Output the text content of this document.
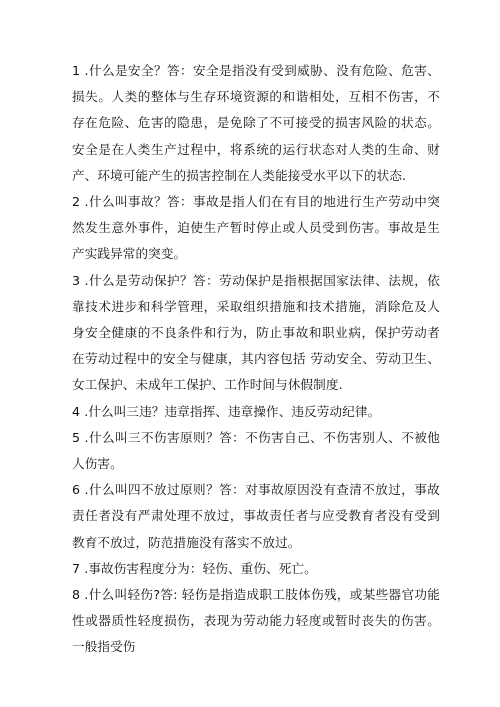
1 .什么是安全？答：安全是指没有受到威胁、没有危险、危害、损失。人类的整体与生存环境资源的和谐相处，互相不伤害，不存在危险、危害的隐患，是免除了不可接受的损害风险的状态。安全是在人类生产过程中，将系统的运行状态对人类的生命、财产、环境可能产生的损害控制在人类能接受水平以下的状态.

2 .什么叫事故？答：事故是指人们在有目的地进行生产劳动中突然发生意外事件，迫使生产暂时停止或人员受到伤害。事故是生产实践异常的突变。

3 .什么是劳动保护？答：劳动保护是指根据国家法律、法规，依靠技术进步和科学管理，采取组织措施和技术措施，消除危及人身安全健康的不良条件和行为，防止事故和职业病，保护劳动者在劳动过程中的安全与健康，其内容包括 劳动安全、劳动卫生、女工保护、未成年工保护、工作时间与休假制度.

4 .什么叫三违？违章指挥、违章操作、违反劳动纪律。

5 .什么叫三不伤害原则？答：不伤害自己、不伤害别人、不被他人伤害。

6 .什么叫四不放过原则？答：对事故原因没有查清不放过，事故责任者没有严肃处理不放过，事故责任者与应受教育者没有受到教育不放过，防范措施没有落实不放过。

7 .事故伤害程度分为：轻伤、重伤、死亡。

8 .什么叫轻伤?答: 轻伤是指造成职工肢体伤残，或某些器官功能性或器质性轻度损伤，表现为劳动能力轻度或暂时丧失的伤害。一般指受伤
